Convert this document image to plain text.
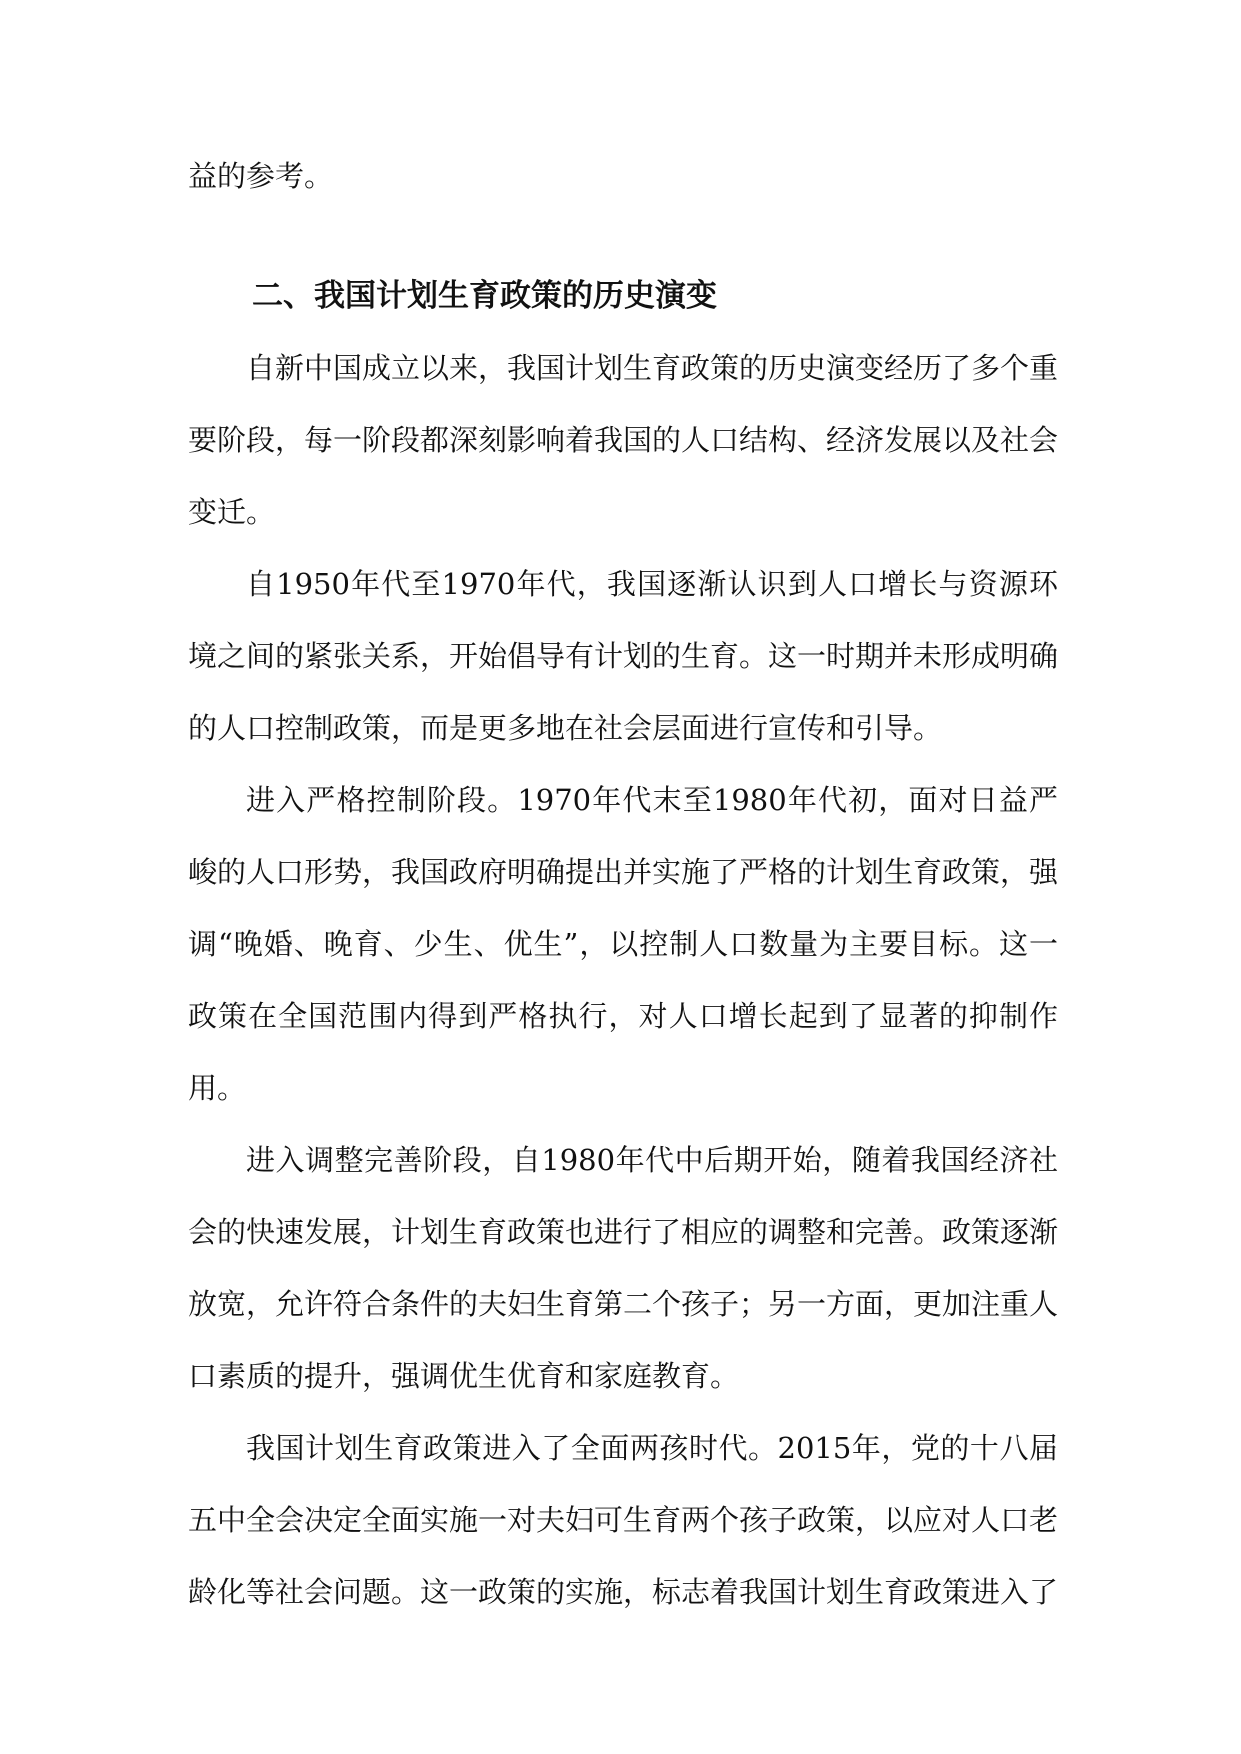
益的参考。

二、我国计划生育政策的历史演变

自新中国成立以来，我国计划生育政策的历史演变经历了多个重要阶段，每一阶段都深刻影响着我国的人口结构、经济发展以及社会变迁。

自1950年代至1970年代，我国逐渐认识到人口增长与资源环境之间的紧张关系，开始倡导有计划的生育。这一时期并未形成明确的人口控制政策，而是更多地在社会层面进行宣传和引导。

进入严格控制阶段。1970年代末至1980年代初，面对日益严峻的人口形势，我国政府明确提出并实施了严格的计划生育政策，强调“晚婚、晚育、少生、优生”，以控制人口数量为主要目标。这一政策在全国范围内得到严格执行，对人口增长起到了显著的抑制作用。

进入调整完善阶段，自1980年代中后期开始，随着我国经济社会的快速发展，计划生育政策也进行了相应的调整和完善。政策逐渐放宽，允许符合条件的夫妇生育第二个孩子；另一方面，更加注重人口素质的提升，强调优生优育和家庭教育。

我国计划生育政策进入了全面两孩时代。2015年，党的十八届五中全会决定全面实施一对夫妇可生育两个孩子政策，以应对人口老龄化等社会问题。这一政策的实施，标志着我国计划生育政策进入了
